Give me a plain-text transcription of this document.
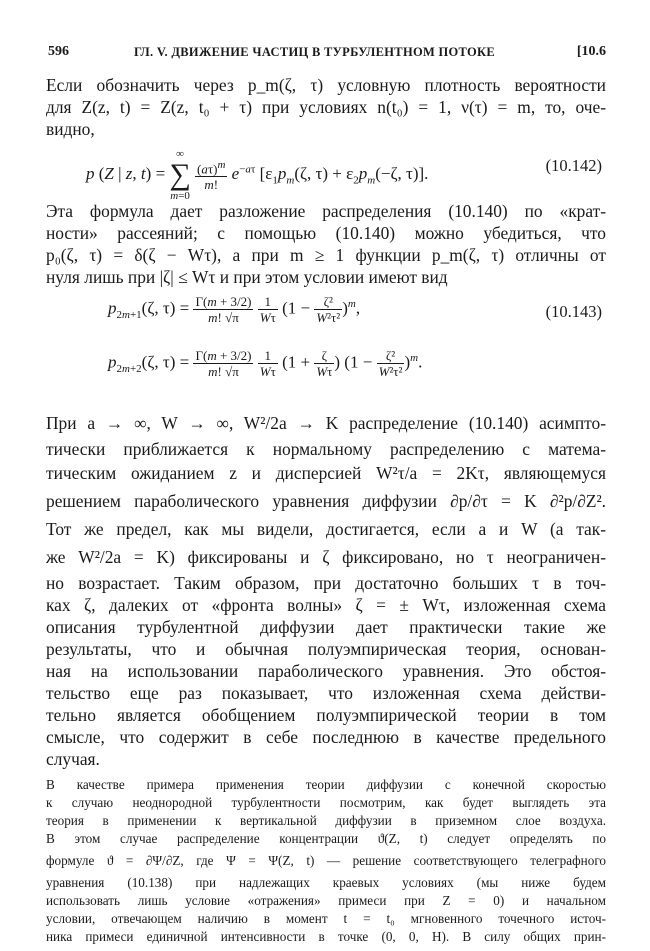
596	ГЛ. V. ДВИЖЕНИЕ ЧАСТИЦ В ТУРБУЛЕНТНОМ ПОТОКЕ	[10.6
Если обозначить через p_m(ζ, τ) условную плотность вероятности
для Z(z, t) = Z(z, t₀ + τ) при условиях n(t₀) = 1, ν(τ) = m, то, оче-
видно,
p (Z | z, t) = ∞
∑
m=0
$\frac{(a\tau)^m}{m!} e^{-a\tau}$ [$\varepsilon_1p_m(\zeta$, $\tau) + \varepsilon_2p_m(-\zeta$, τ)].	(10.142)
Эта формула дает разложение распределения (10.140) по «крат-
ности» рассеяний; с помощью (10.140) можно убедиться, что
p₀(ζ, τ) = δ(ζ − Wτ), а при m ≥ 1 функции p_m(ζ, τ) отличны от
нуля лишь при |ζ| ≤ Wτ и при этом условии имеют вид
$p_{2m+1}(\zeta$, $\tau) = \frac{\Gamma(m + 3/2)}{m! √\pi}$
$\frac{1}{W\tau} (1 - \frac{\text{ζ²}}{\text{W²τ²}} )^m$,	(10.143)
$p_{2m+2}(\zeta$, $\tau) = \frac{\Gamma(m + 3/2)}{m! √\pi}$
$\frac{1}{W\tau} (1 + \frac{\zeta}{W\tau}$ ) $(1 - \frac{\text{ζ²}}{\text{W²τ²}} )^m$.
При a → ∞, W → ∞, W²/2a → K распределение (10.140) асимпто-
тически приближается к нормальному распределению с матема-
тическим ожиданием z и дисперсией W²τ/a = 2Kτ, являющемуся
решением параболического уравнения диффузии ∂p/∂τ = K ∂²p/∂Z².
Тот же предел, как мы видели, достигается, если a и W (а так-
же W²/2a = K) фиксированы и ζ фиксировано, но τ неограничен-
но возрастает. Таким образом, при достаточно больших τ в точ-
ках ζ, далеких от «фронта волны» ζ = ± Wτ, изложенная схема
описания турбулентной диффузии дает практически такие же
результаты, что и обычная полуэмпирическая теория, основан-
ная на использовании параболического уравнения. Это обстоя-
тельство еще раз показывает, что изложенная схема действи-
тельно является обобщением полуэмпирической теории в том
смысле, что содержит в себе последнюю в качестве предельного
случая.
В качестве примера применения теории диффузии с конечной скоростью
к случаю неоднородной турбулентности посмотрим, как будет выглядеть эта
теория в применении к вертикальной диффузии в приземном слое воздуха.
В этом случае распределение концентрации ϑ(Z, t) следует определять по
формуле ϑ = ∂Ψ/∂Z, где Ψ = Ψ(Z, t) — решение соответствующего телеграфного
уравнения (10.138) при надлежащих краевых условиях (мы ниже будем
использовать лишь условие «отражения» примеси при Z = 0) и начальном
условии, отвечающем наличию в момент t = t₀ мгновенного точечного источ-
ника примеси единичной интенсивности в точке (0, 0, H). В силу общих прин-
